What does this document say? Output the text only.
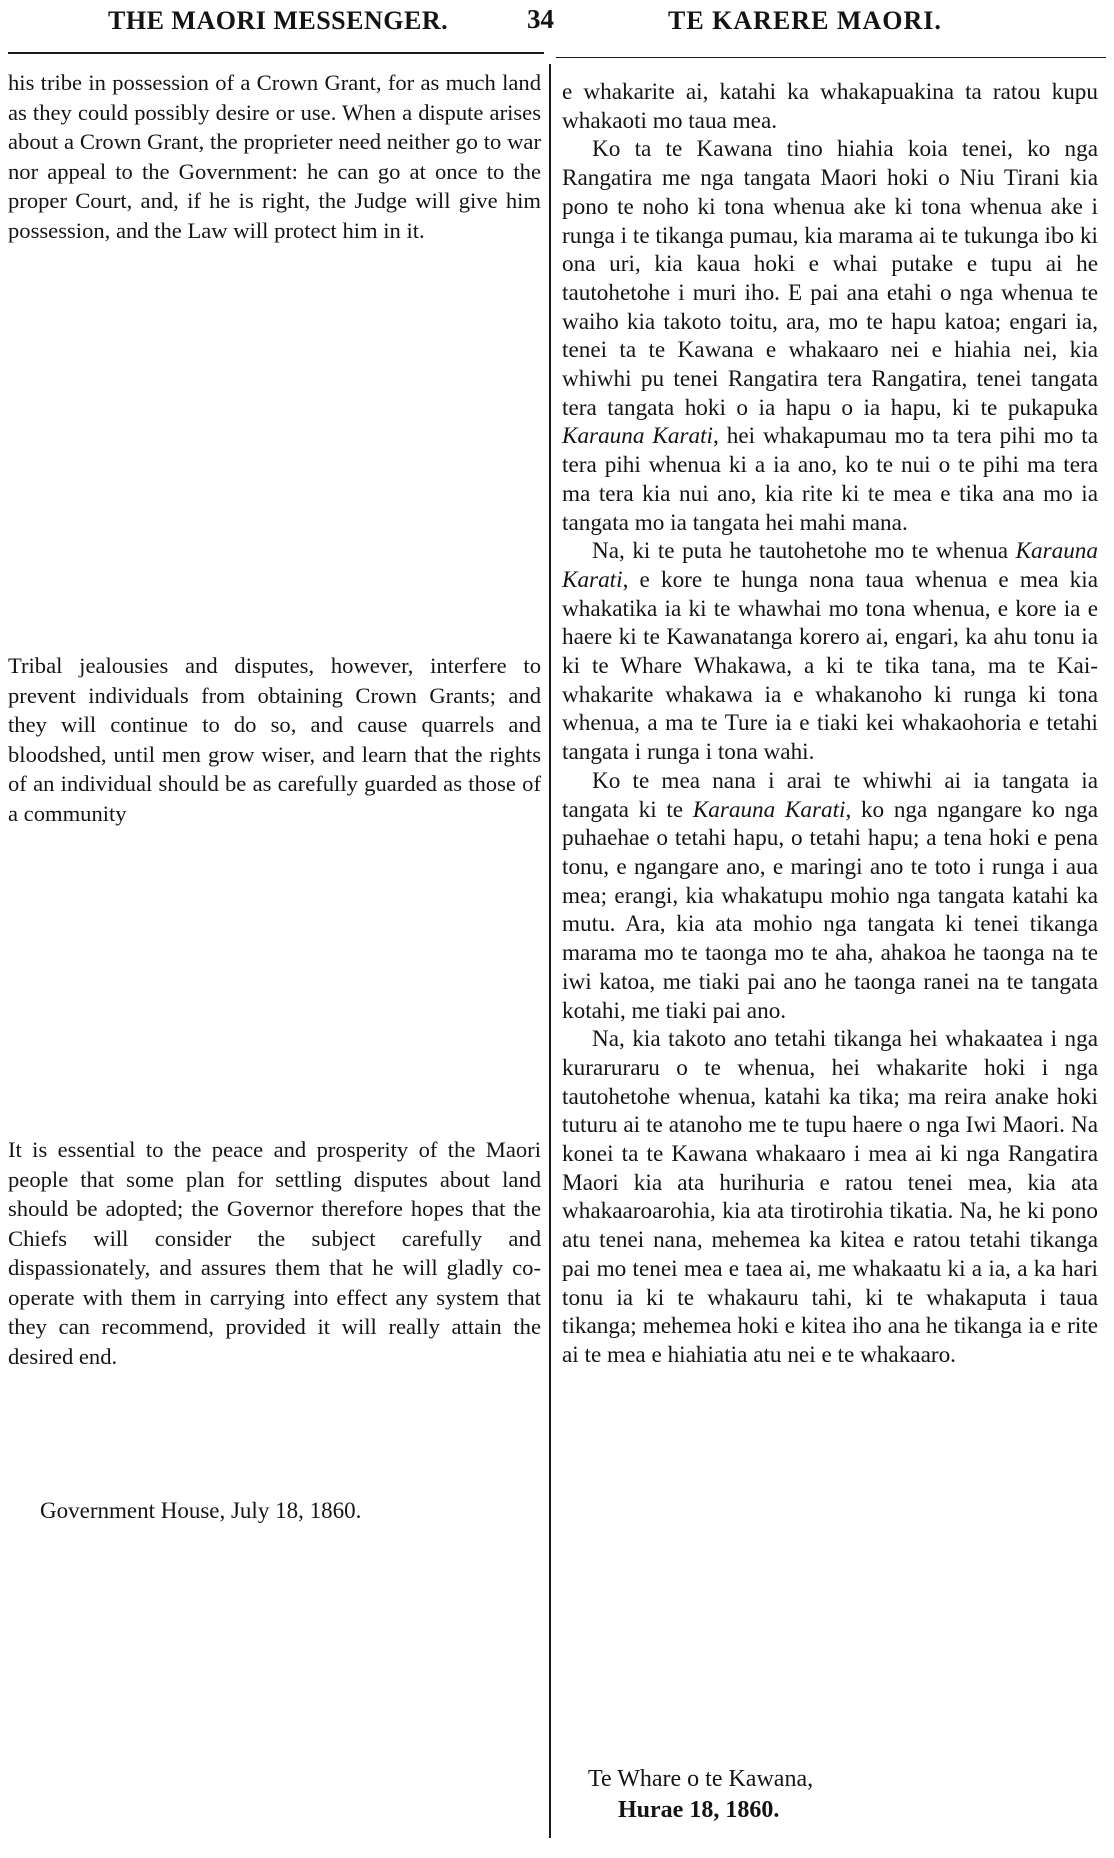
THE MAORI MESSENGER.	34	TE KARERE MAORI.

his tribe in possession of a Crown Grant, for as much land as they could possibly desire or use. When a dispute arises about a Crown Grant, the proprieter need neither go to war nor appeal to the Government: he can go at once to the proper Court, and, if he is right, the Judge will give him possession, and the Law will protect him in it.

Tribal jealousies and disputes, however, interfere to prevent individuals from obtaining Crown Grants; and they will continue to do so, and cause quarrels and bloodshed, until men grow wiser, and learn that the rights of an individual should be as carefully guarded as those of a community

It is essential to the peace and prosperity of the Maori people that some plan for settling disputes about land should be adopted; the Governor therefore hopes that the Chiefs will consider the subject carefully and dispassionately, and assures them that he will gladly co-operate with them in carrying into effect any system that they can recommend, provided it will really attain the desired end.

Government House, July 18, 1860.

e whakarite ai, katahi ka whakapuakina ta ratou kupu whakaoti mo taua mea.

Ko ta te Kawana tino hiahia koia tenei, ko nga Rangatira me nga tangata Maori hoki o Niu Tirani kia pono te noho ki tona whenua ake ki tona whenua ake i runga i te tikanga pumau, kia marama ai te tukunga ibo ki ona uri, kia kaua hoki e whai putake e tupu ai he tautohetohe i muri iho. E pai ana etahi o nga whenua te waiho kia takoto toitu, ara, mo te hapu katoa; engari ia, tenei ta te Kawana e whakaaro nei e hiahia nei, kia whiwhi pu tenei Rangatira tera Rangatira, tenei tangata tera tangata hoki o ia hapu o ia hapu, ki te pukapuka Karauna Karati, hei whakapumau mo ta tera pihi mo ta tera pihi whenua ki a ia ano, ko te nui o te pihi ma tera ma tera kia nui ano, kia rite ki te mea e tika ana mo ia tangata mo ia tangata hei mahi mana.

Na, ki te puta he tautohetohe mo te whenua Karauna Karati, e kore te hunga nona taua whenua e mea kia whakatika ia ki te whawhai mo tona whenua, e kore ia e haere ki te Kawanatanga korero ai, engari, ka ahu tonu ia ki te Whare Whakawa, a ki te tika tana, ma te Kai-whakarite whakawa ia e whakanoho ki runga ki tona whenua, a ma te Ture ia e tiaki kei whakaohoria e tetahi tangata i runga i tona wahi.

Ko te mea nana i arai te whiwhi ai ia tangata ia tangata ki te Karauna Karati, ko nga ngangare ko nga puhaehae o tetahi hapu, o tetahi hapu; a tena hoki e pena tonu, e ngangare ano, e maringi ano te toto i runga i aua mea; erangi, kia whakatupu mohio nga tangata katahi ka mutu. Ara, kia ata mohio nga tangata ki tenei tikanga marama mo te taonga mo te aha, ahakoa he taonga na te iwi katoa, me tiaki pai ano he taonga ranei na te tangata kotahi, me tiaki pai ano.

Na, kia takoto ano tetahi tikanga hei whakaatea i nga kuraruraru o te whenua, hei whakarite hoki i nga tautohetohe whenua, katahi ka tika; ma reira anake hoki tuturu ai te atanoho me te tupu haere o nga Iwi Maori. Na konei ta te Kawana whakaaro i mea ai ki nga Rangatira Maori kia ata hurihuria e ratou tenei mea, kia ata whakaaroarohia, kia ata tirotirohia tikatia. Na, he ki pono atu tenei nana, mehemea ka kitea e ratou tetahi tikanga pai mo tenei mea e taea ai, me whakaatu ki a ia, a ka hari tonu ia ki te whakauru tahi, ki te whakaputa i taua tikanga; mehemea hoki e kitea iho ana he tikanga ia e rite ai te mea e hiahiatia atu nei e te whakaaro.

Te Whare o te Kawana,
Hurae 18, 1860.
